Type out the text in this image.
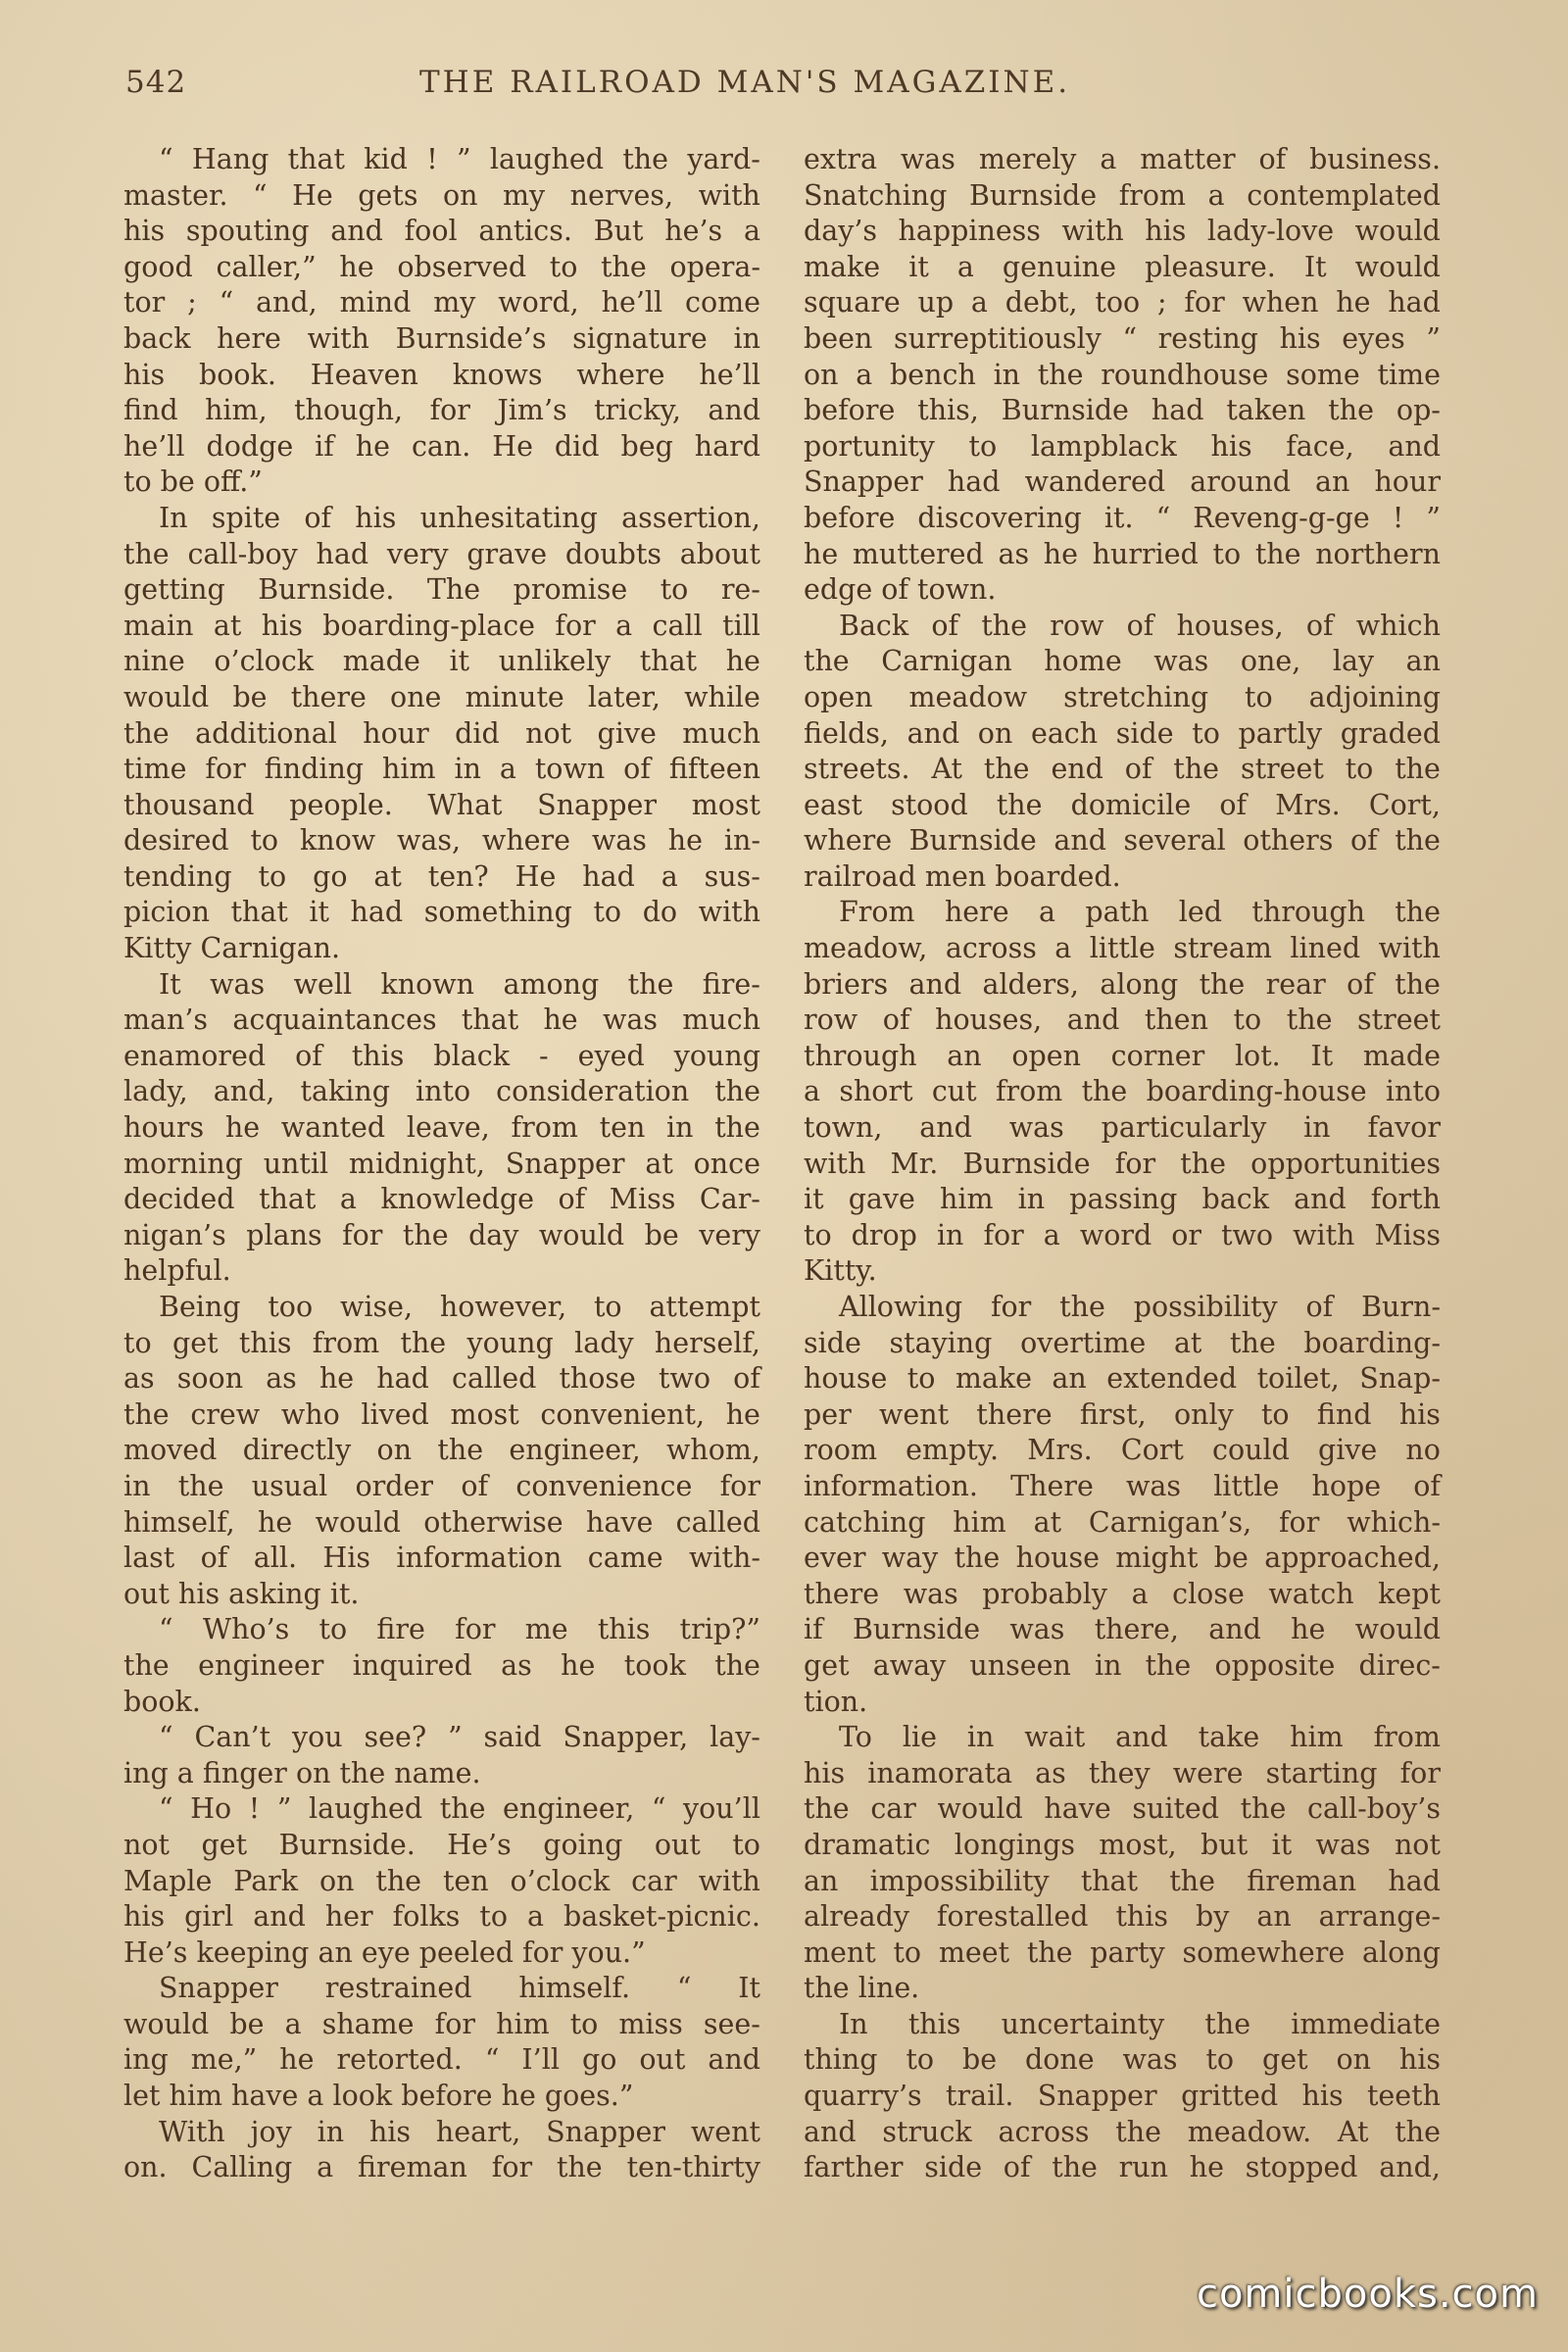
542	THE RAILROAD MAN'S MAGAZINE.
“ Hang that kid ! ” laughed the yard-
master. “ He gets on my nerves, with
his spouting and fool antics. But he’s a
good caller,” he observed to the opera-
tor ; “ and, mind my word, he’ll come
back here with Burnside’s signature in
his book. Heaven knows where he’ll
find him, though, for Jim’s tricky, and
he’ll dodge if he can. He did beg hard
to be off.”
In spite of his unhesitating assertion,
the call-boy had very grave doubts about
getting Burnside. The promise to re-
main at his boarding-place for a call till
nine o’clock made it unlikely that he
would be there one minute later, while
the additional hour did not give much
time for finding him in a town of fifteen
thousand people. What Snapper most
desired to know was, where was he in-
tending to go at ten? He had a sus-
picion that it had something to do with
Kitty Carnigan.
It was well known among the fire-
man’s acquaintances that he was much
enamored of this black - eyed young
lady, and, taking into consideration the
hours he wanted leave, from ten in the
morning until midnight, Snapper at once
decided that a knowledge of Miss Car-
nigan’s plans for the day would be very
helpful.
Being too wise, however, to attempt
to get this from the young lady herself,
as soon as he had called those two of
the crew who lived most convenient, he
moved directly on the engineer, whom,
in the usual order of convenience for
himself, he would otherwise have called
last of all. His information came with-
out his asking it.
“ Who’s to fire for me this trip?”
the engineer inquired as he took the
book.
“ Can’t you see? ” said Snapper, lay-
ing a finger on the name.
“ Ho ! ” laughed the engineer, “ you’ll
not get Burnside. He’s going out to
Maple Park on the ten o’clock car with
his girl and her folks to a basket-picnic.
He’s keeping an eye peeled for you.”
Snapper restrained himself. “ It
would be a shame for him to miss see-
ing me,” he retorted. “ I’ll go out and
let him have a look before he goes.”
With joy in his heart, Snapper went
on. Calling a fireman for the ten-thirty
extra was merely a matter of business.
Snatching Burnside from a contemplated
day’s happiness with his lady-love would
make it a genuine pleasure. It would
square up a debt, too ; for when he had
been surreptitiously “ resting his eyes ”
on a bench in the roundhouse some time
before this, Burnside had taken the op-
portunity to lampblack his face, and
Snapper had wandered around an hour
before discovering it. “ Reveng-g-ge ! ”
he muttered as he hurried to the northern
edge of town.
Back of the row of houses, of which
the Carnigan home was one, lay an
open meadow stretching to adjoining
fields, and on each side to partly graded
streets. At the end of the street to the
east stood the domicile of Mrs. Cort,
where Burnside and several others of the
railroad men boarded.
From here a path led through the
meadow, across a little stream lined with
briers and alders, along the rear of the
row of houses, and then to the street
through an open corner lot. It made
a short cut from the boarding-house into
town, and was particularly in favor
with Mr. Burnside for the opportunities
it gave him in passing back and forth
to drop in for a word or two with Miss
Kitty.
Allowing for the possibility of Burn-
side staying overtime at the boarding-
house to make an extended toilet, Snap-
per went there first, only to find his
room empty. Mrs. Cort could give no
information. There was little hope of
catching him at Carnigan’s, for which-
ever way the house might be approached,
there was probably a close watch kept
if Burnside was there, and he would
get away unseen in the opposite direc-
tion.
To lie in wait and take him from
his inamorata as they were starting for
the car would have suited the call-boy’s
dramatic longings most, but it was not
an impossibility that the fireman had
already forestalled this by an arrange-
ment to meet the party somewhere along
the line.
In this uncertainty the immediate
thing to be done was to get on his
quarry’s trail. Snapper gritted his teeth
and struck across the meadow. At the
farther side of the run he stopped and,
comicbooks.com
